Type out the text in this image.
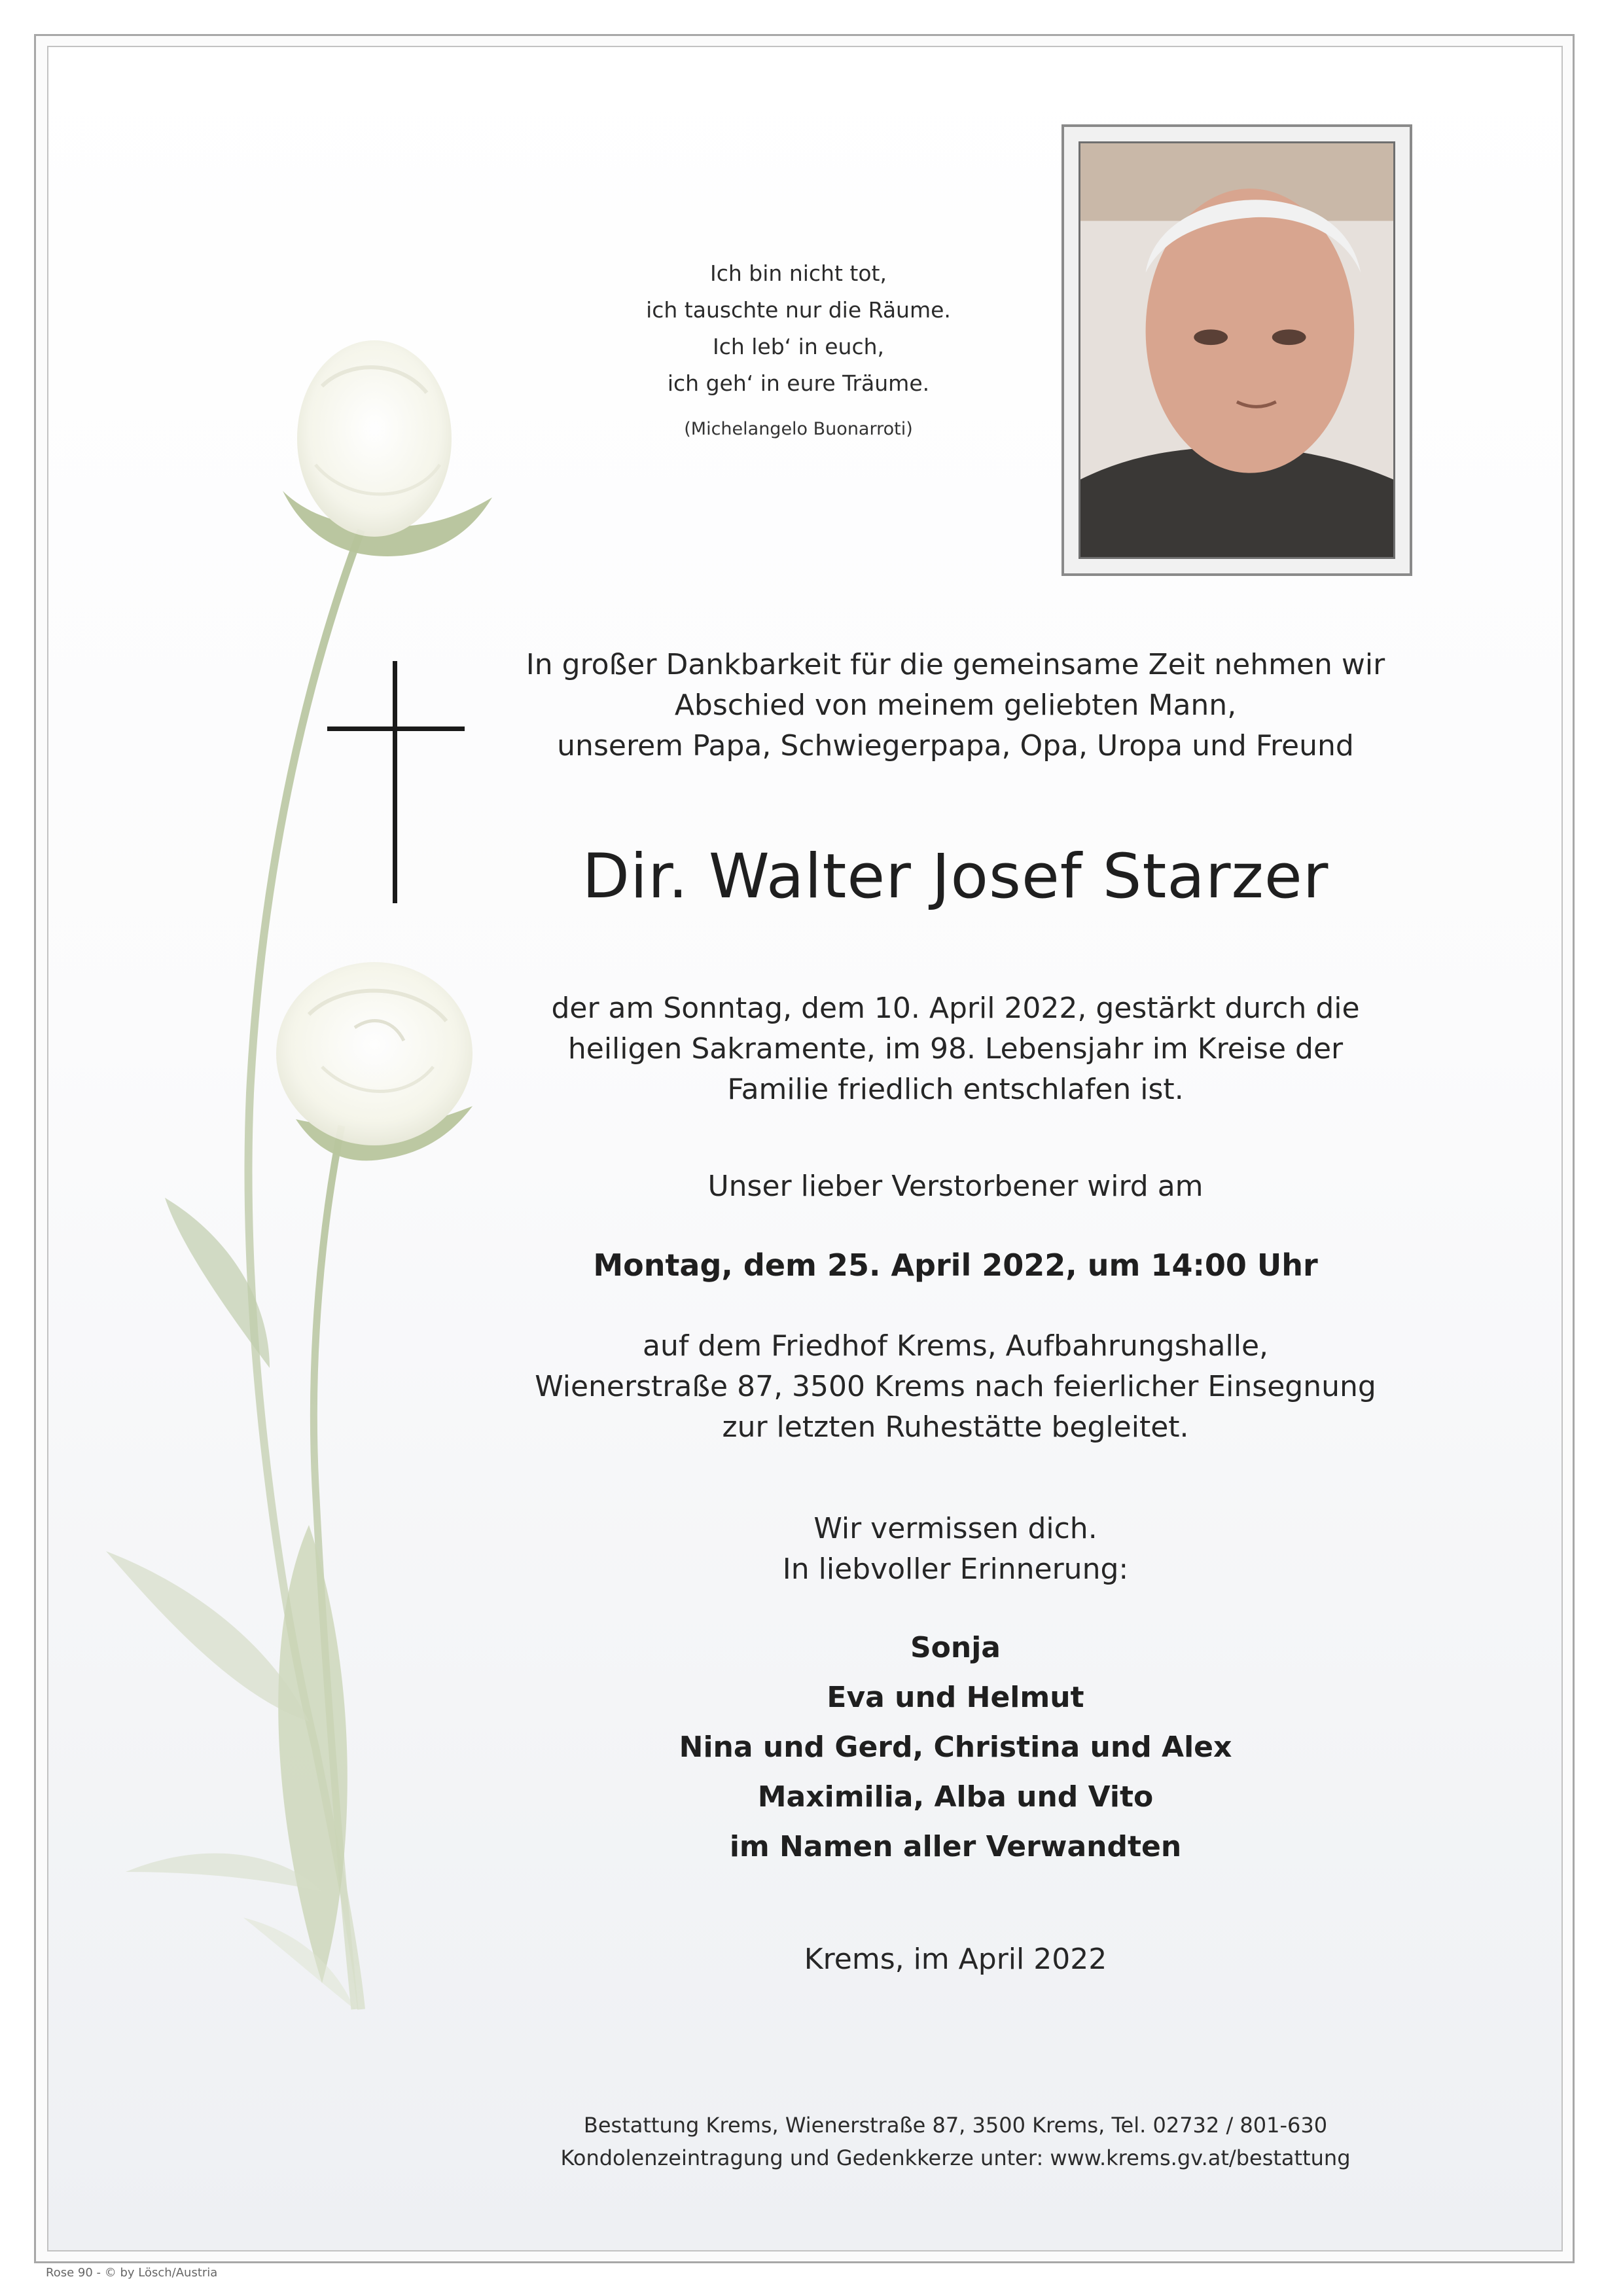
Ich bin nicht tot,
ich tauschte nur die Räume.
Ich leb‘ in euch,
ich geh‘ in eure Träume.
(Michelangelo Buonarroti)
In großer Dankbarkeit für die gemeinsame Zeit nehmen wir
Abschied von meinem geliebten Mann,
unserem Papa, Schwiegerpapa, Opa, Uropa und Freund
Dir. Walter Josef Starzer
der am Sonntag, dem 10. April 2022, gestärkt durch die
heiligen Sakramente, im 98. Lebensjahr im Kreise der
Familie friedlich entschlafen ist.
Unser lieber Verstorbener wird am
Montag, dem 25. April 2022, um 14:00 Uhr
auf dem Friedhof Krems, Aufbahrungshalle,
Wienerstraße 87, 3500 Krems nach feierlicher Einsegnung
zur letzten Ruhestätte begleitet.
Wir vermissen dich.
In liebvoller Erinnerung:
Sonja
Eva und Helmut
Nina und Gerd, Christina und Alex
Maximilia, Alba und Vito
im Namen aller Verwandten
Krems, im April 2022
Bestattung Krems, Wienerstraße 87, 3500 Krems, Tel. 02732 / 801-630
Kondolenzeintragung und Gedenkkerze unter: www.krems.gv.at/bestattung
Rose 90 - © by Lösch/Austria
